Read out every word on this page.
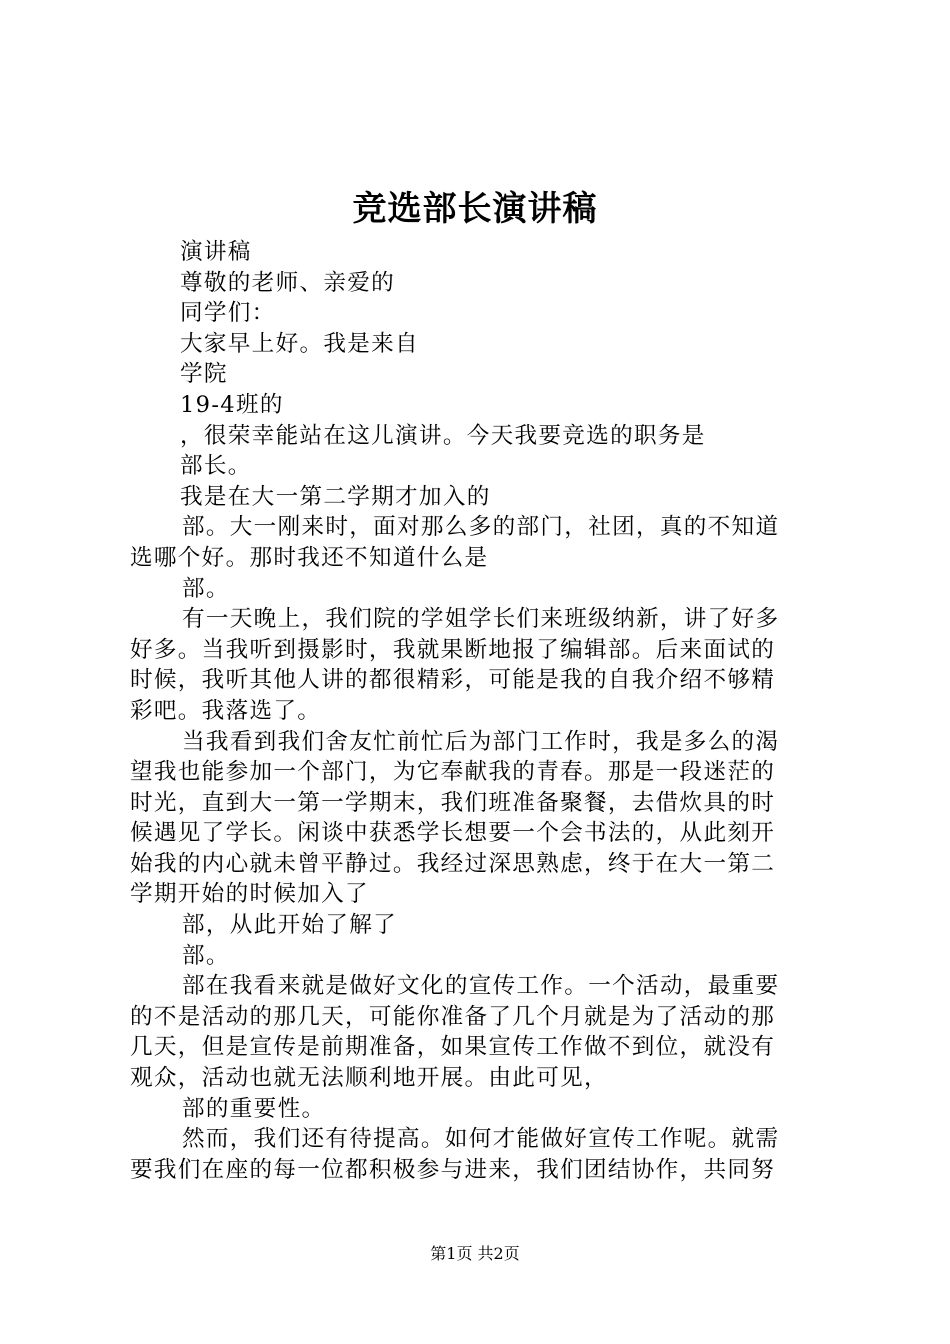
竞选部长演讲稿
演讲稿
尊敬的老师、亲爱的
同学们：
大家早上好。我是来自
学院
19-4班的
，很荣幸能站在这儿演讲。今天我要竞选的职务是
部长。
我是在大一第二学期才加入的
部。大一刚来时，面对那么多的部门，社团，真的不知道
选哪个好。那时我还不知道什么是
部。
有一天晚上，我们院的学姐学长们来班级纳新，讲了好多
好多。当我听到摄影时，我就果断地报了编辑部。后来面试的
时候，我听其他人讲的都很精彩，可能是我的自我介绍不够精
彩吧。我落选了。
当我看到我们舍友忙前忙后为部门工作时，我是多么的渴
望我也能参加一个部门，为它奉献我的青春。那是一段迷茫的
时光，直到大一第一学期末，我们班准备聚餐，去借炊具的时
候遇见了学长。闲谈中获悉学长想要一个会书法的，从此刻开
始我的内心就未曾平静过。我经过深思熟虑，终于在大一第二
学期开始的时候加入了
部，从此开始了解了
部。
部在我看来就是做好文化的宣传工作。一个活动，最重要
的不是活动的那几天，可能你准备了几个月就是为了活动的那
几天，但是宣传是前期准备，如果宣传工作做不到位，就没有
观众，活动也就无法顺利地开展。由此可见，
部的重要性。
然而，我们还有待提高。如何才能做好宣传工作呢。就需
要我们在座的每一位都积极参与进来，我们团结协作，共同努
第1页 共2页
